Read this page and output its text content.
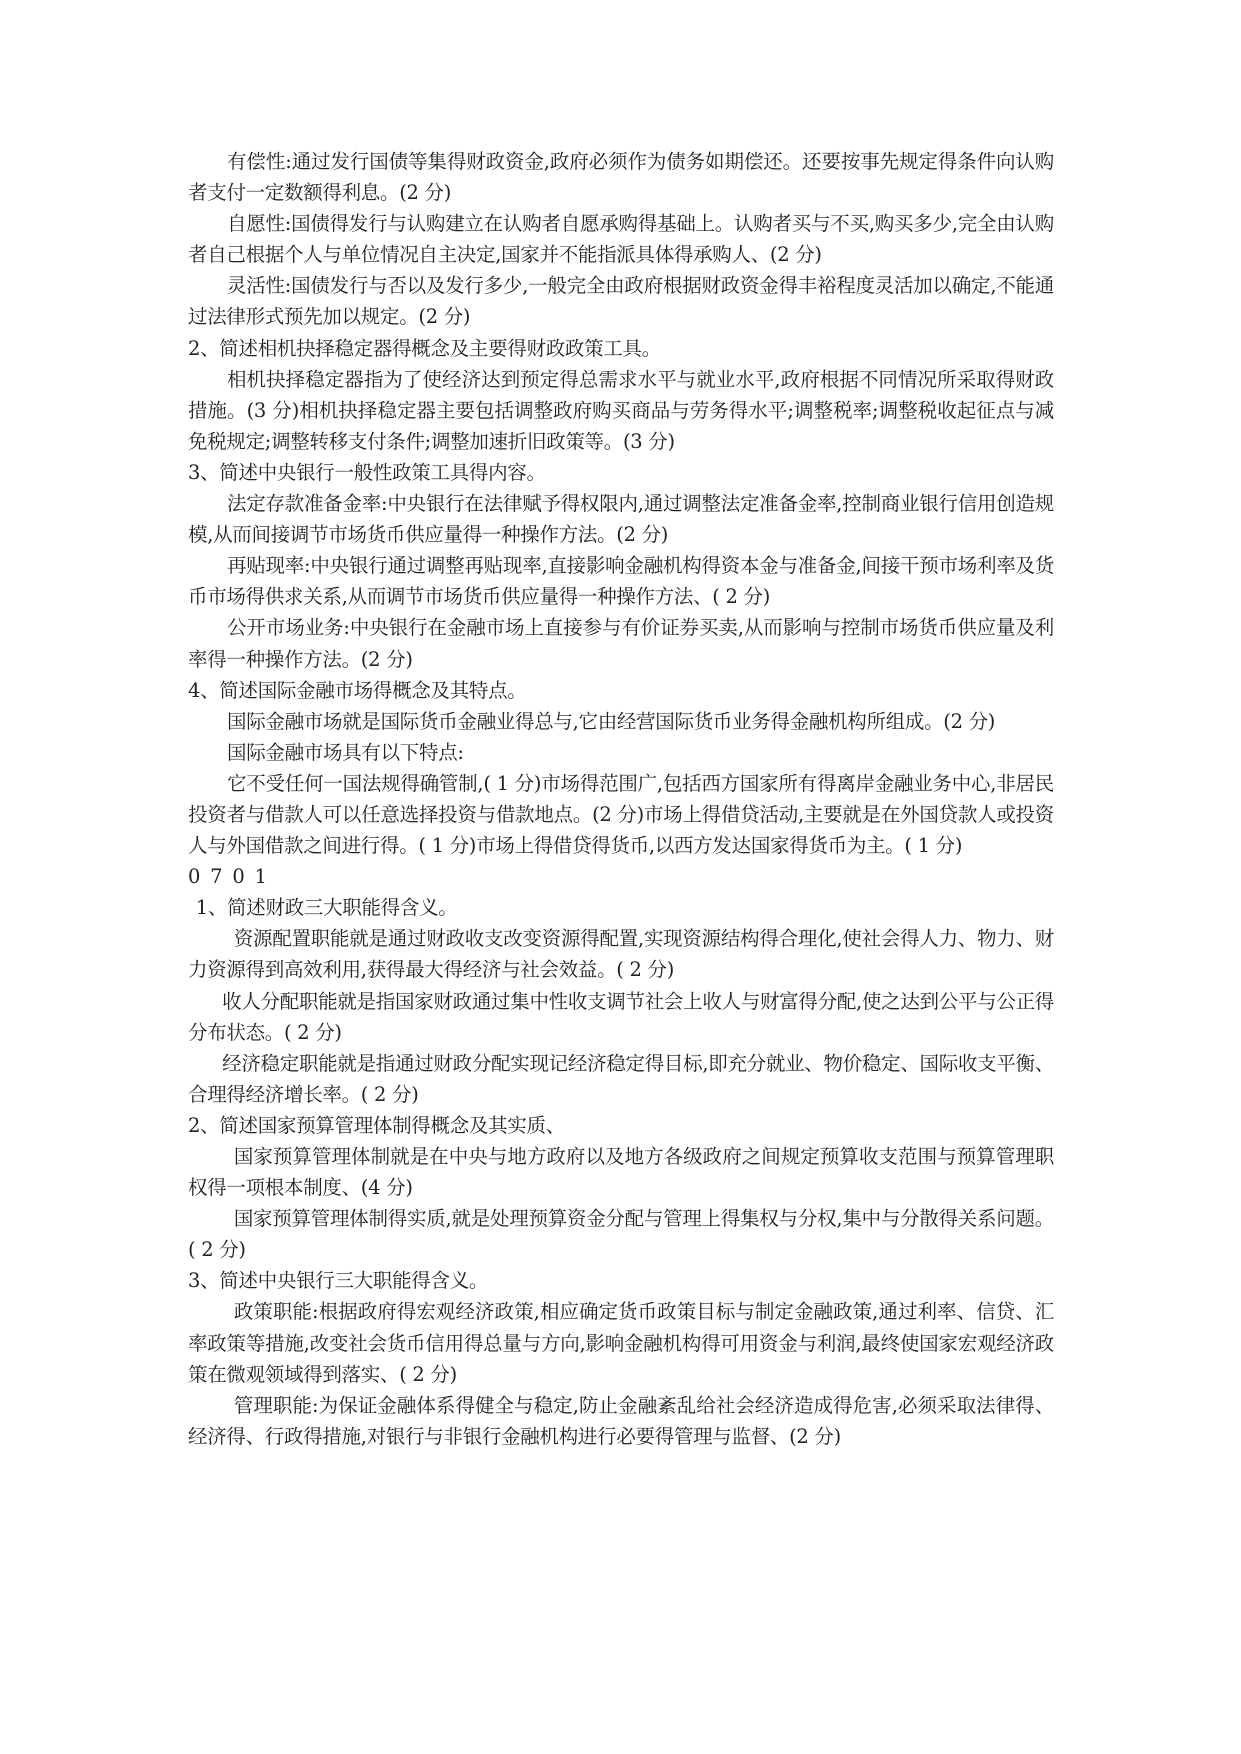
有偿性:通过发行国债等集得财政资金,政府必须作为债务如期偿还。还要按事先规定得条件向认购者支付一定数额得利息。(2 分)

自愿性:国债得发行与认购建立在认购者自愿承购得基础上。认购者买与不买,购买多少,完全由认购者自己根据个人与单位情况自主决定,国家并不能指派具体得承购人、(2 分)

灵活性:国债发行与否以及发行多少,一般完全由政府根据财政资金得丰裕程度灵活加以确定,不能通过法律形式预先加以规定。(2 分)

2、简述相机抉择稳定器得概念及主要得财政政策工具。

相机抉择稳定器指为了使经济达到预定得总需求水平与就业水平,政府根据不同情况所采取得财政措施。(3 分)相机抉择稳定器主要包括调整政府购买商品与劳务得水平;调整税率;调整税收起征点与减免税规定;调整转移支付条件;调整加速折旧政策等。(3 分)

3、简述中央银行一般性政策工具得内容。

法定存款准备金率:中央银行在法律赋予得权限内,通过调整法定准备金率,控制商业银行信用创造规模,从而间接调节市场货币供应量得一种操作方法。(2 分)

再贴现率:中央银行通过调整再贴现率,直接影响金融机构得资本金与准备金,间接干预市场利率及货币市场得供求关系,从而调节市场货币供应量得一种操作方法、( 2 分)

公开市场业务:中央银行在金融市场上直接参与有价证券买卖,从而影响与控制市场货币供应量及利率得一种操作方法。(2 分)

4、简述国际金融市场得概念及其特点。

国际金融市场就是国际货币金融业得总与,它由经营国际货币业务得金融机构所组成。(2 分)

国际金融市场具有以下特点:

它不受任何一国法规得确管制,( 1 分)市场得范围广,包括西方国家所有得离岸金融业务中心,非居民投资者与借款人可以任意选择投资与借款地点。(2 分)市场上得借贷活动,主要就是在外国贷款人或投资人与外国借款之间进行得。( 1 分)市场上得借贷得货币,以西方发达国家得货币为主。( 1 分)

0701

1、简述财政三大职能得含义。

资源配置职能就是通过财政收支改变资源得配置,实现资源结构得合理化,使社会得人力、物力、财力资源得到高效利用,获得最大得经济与社会效益。( 2 分)

收人分配职能就是指国家财政通过集中性收支调节社会上收人与财富得分配,使之达到公平与公正得分布状态。( 2 分)

经济稳定职能就是指通过财政分配实现记经济稳定得目标,即充分就业、物价稳定、国际收支平衡、合理得经济增长率。( 2 分)

2、简述国家预算管理体制得概念及其实质、

国家预算管理体制就是在中央与地方政府以及地方各级政府之间规定预算收支范围与预算管理职权得一项根本制度、(4 分)

国家预算管理体制得实质,就是处理预算资金分配与管理上得集权与分权,集中与分散得关系问题。( 2 分)

3、简述中央银行三大职能得含义。

政策职能:根据政府得宏观经济政策,相应确定货币政策目标与制定金融政策,通过利率、信贷、汇率政策等措施,改变社会货币信用得总量与方向,影响金融机构得可用资金与利润,最终使国家宏观经济政策在微观领域得到落实、( 2 分)

管理职能:为保证金融体系得健全与稳定,防止金融紊乱给社会经济造成得危害,必须采取法律得、经济得、行政得措施,对银行与非银行金融机构进行必要得管理与监督、(2 分)
